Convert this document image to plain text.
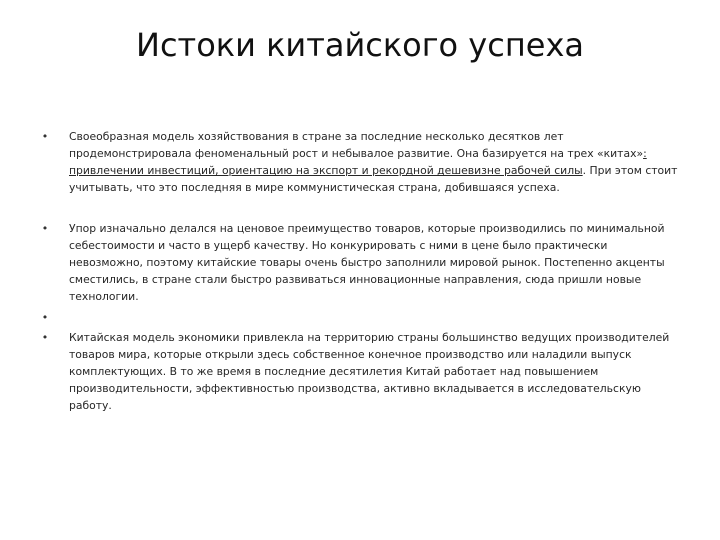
Истоки китайского успеха
• Своеобразная модель хозяйствования в стране за последние несколько десятков лет продемонстрировала феноменальный рост и небывалое развитие. Она базируется на трех «китах»: привлечении инвестиций, ориентацию на экспорт и рекордной дешевизне рабочей силы. При этом стоит учитывать, что это последняя в мире коммунистическая страна, добившаяся успеха.

• Упор изначально делался на ценовое преимущество товаров, которые производились по минимальной себестоимости и часто в ущерб качеству. Но конкурировать с ними в цене было практически невозможно, поэтому китайские товары очень быстро заполнили мировой рынок. Постепенно акценты сместились, в стране стали быстро развиваться инновационные направления, сюда пришли новые технологии.

•

• Китайская модель экономики привлекла на территорию страны большинство ведущих производителей товаров мира, которые открыли здесь собственное конечное производство или наладили выпуск комплектующих. В то же время в последние десятилетия Китай работает над повышением производительности, эффективностью производства, активно вкладывается в исследовательскую работу.
